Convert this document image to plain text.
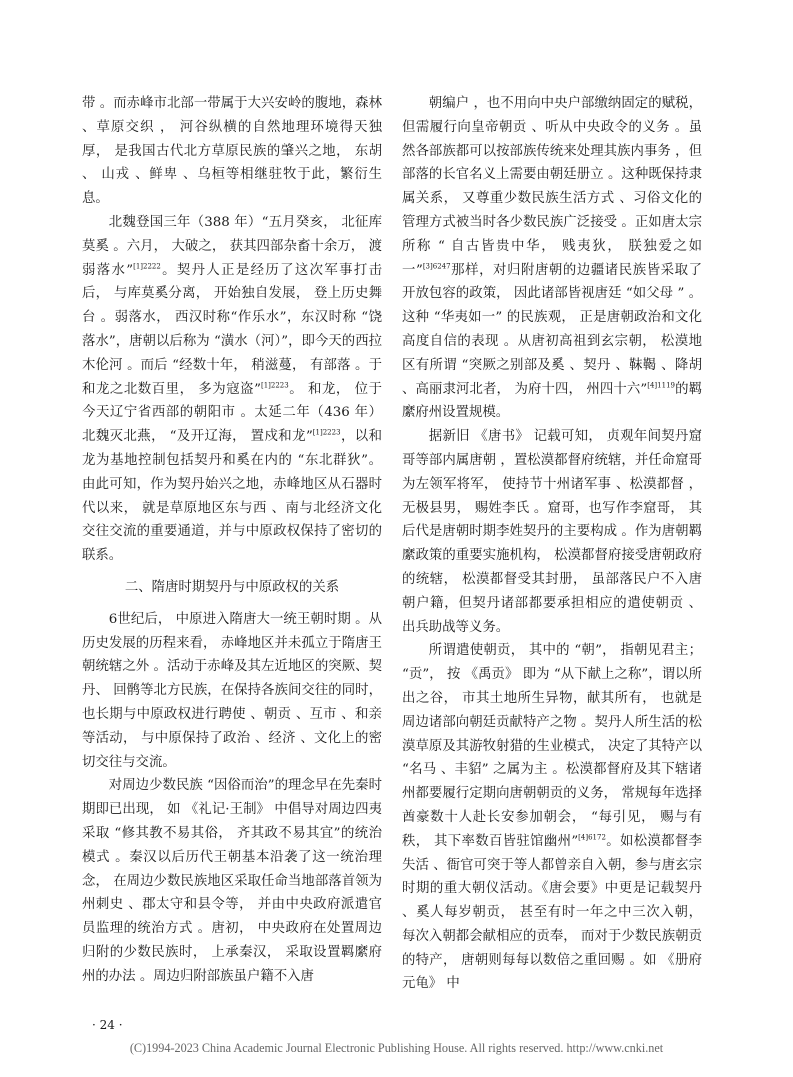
带 。而赤峰市北部一带属于大兴安岭的腹地，森林 、草原交织 ， 河谷纵横的自然地理环境得天独厚， 是我国古代北方草原民族的肇兴之地， 东胡 、 山戎 、鲜卑 、乌桓等相继驻牧于此，繁衍生息。

北魏登国三年（388 年）“五月癸亥， 北征库莫奚 。六月， 大破之， 获其四部杂畜十余万， 渡弱落水”$^{[1]2222}$。契丹人正是经历了这次军事打击后， 与库莫奚分离， 开始独自发展， 登上历史舞台 。弱落水， 西汉时称“作乐水”，东汉时称 “饶落水”，唐朝以后称为 “潢水（河）”，即今天的西拉木伦河 。而后 “经数十年， 稍滋蔓， 有部落 。于和龙之北数百里， 多为寇盗”$^{[1]2223}$。 和龙， 位于今天辽宁省西部的朝阳市 。太延二年（436 年）北魏灭北燕， “及开辽海， 置戍和龙”$^{[1]2223}$，以和龙为基地控制包括契丹和奚在内的 “东北群狄”。 由此可知，作为契丹始兴之地，赤峰地区从石器时代以来， 就是草原地区东与西 、南与北经济文化交往交流的重要通道，并与中原政权保持了密切的联系。

二、隋唐时期契丹与中原政权的关系

6世纪后， 中原进入隋唐大一统王朝时期 。从历史发展的历程来看， 赤峰地区并未孤立于隋唐王朝统辖之外 。活动于赤峰及其左近地区的突厥、契丹、 回鹘等北方民族，在保持各族间交往的同时， 也长期与中原政权进行聘使 、朝贡 、互市 、和亲等活动， 与中原保持了政治 、经济 、文化上的密切交往与交流。

对周边少数民族 “因俗而治”的理念早在先秦时期即已出现， 如 《礼记·王制》 中倡导对周边四夷采取 “修其教不易其俗， 齐其政不易其宜”的统治模式 。秦汉以后历代王朝基本沿袭了这一统治理念， 在周边少数民族地区采取任命当地部落首领为州刺史 、郡太守和县令等， 并由中央政府派遣官员监理的统治方式 。唐初， 中央政府在处置周边归附的少数民族时， 上承秦汉， 采取设置羁縻府州的办法 。周边归附部族虽户籍不入唐

朝编户 ，也不用向中央户部缴纳固定的赋税，但需履行向皇帝朝贡 、听从中央政令的义务 。虽然各部族都可以按部族传统来处理其族内事务 ，但部落的长官名义上需要由朝廷册立 。这种既保持隶属关系， 又尊重少数民族生活方式 、习俗文化的管理方式被当时各少数民族广泛接受 。正如唐太宗所称 “ 自古皆贵中华， 贱夷狄， 朕独爱之如一”$^{[3]6247}$那样，对归附唐朝的边疆诸民族皆采取了开放包容的政策， 因此诸部皆视唐廷 “如父母 ” 。这种 “华夷如一” 的民族观， 正是唐朝政治和文化高度自信的表现 。从唐初高祖到玄宗朝， 松漠地区有所谓 “突厥之别部及奚 、契丹 、靺鞨 、降胡 、高丽隶河北者， 为府十四， 州四十六”$^{[4]1119}$的羁縻府州设置规模。

据新旧 《唐书》 记载可知， 贞观年间契丹窟哥等部内属唐朝 ，置松漠都督府统辖，并任命窟哥为左领军将军， 使持节十州诸军事 、松漠都督 ，无极县男， 赐姓李氏 。窟哥，也写作李窟哥， 其后代是唐朝时期李姓契丹的主要构成 。作为唐朝羁縻政策的重要实施机构， 松漠都督府接受唐朝政府的统辖， 松漠都督受其封册， 虽部落民户不入唐朝户籍，但契丹诸部都要承担相应的遣使朝贡 、 出兵助战等义务。

所谓遣使朝贡， 其中的 “朝”， 指朝见君主； “贡”， 按 《禹贡》 即为 “从下献上之称”，谓以所出之谷， 市其土地所生异物，献其所有， 也就是周边诸部向朝廷贡献特产之物 。契丹人所生活的松漠草原及其游牧射猎的生业模式， 决定了其特产以 “名马 、丰貂” 之属为主 。松漠都督府及其下辖诸州都要履行定期向唐朝朝贡的义务， 常规每年选择酋豪数十人赴长安参加朝会， “每引见， 赐与有秩， 其下率数百皆驻馆幽州”$^{[4]6172}$。如松漠都督李失活 、衙官可突于等人都曾亲自入朝，参与唐玄宗时期的重大朝仪活动。《唐会要》中更是记载契丹 、奚人每岁朝贡， 甚至有时一年之中三次入朝， 每次入朝都会献相应的贡奉， 而对于少数民族朝贡的特产， 唐朝则每每以数倍之重回赐 。如 《册府元龟》 中

· 24 ·
(C)1994-2023 China Academic Journal Electronic Publishing House. All rights reserved. http://www.cnki.net
